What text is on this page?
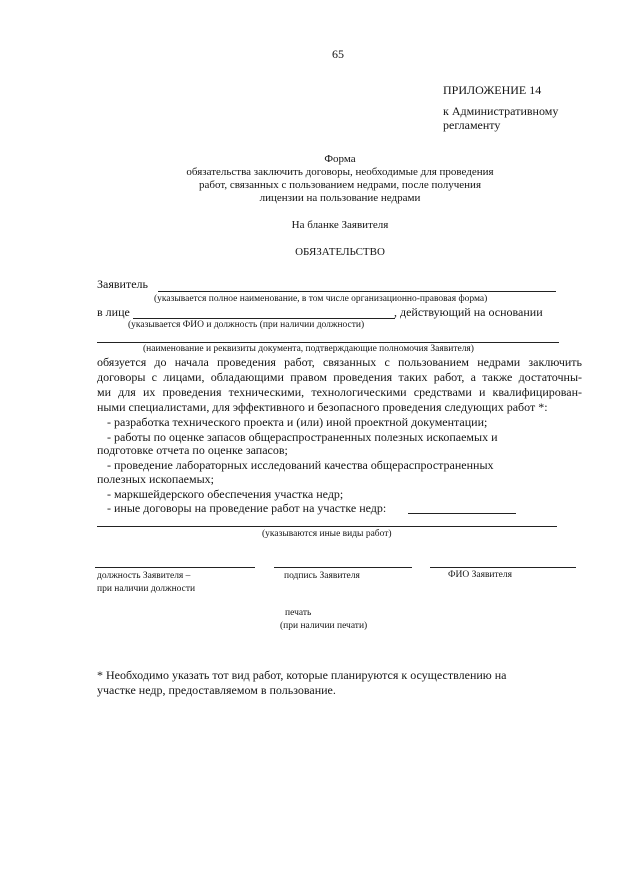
65
ПРИЛОЖЕНИЕ 14
к Административному
регламенту
Форма
обязательства заключить договоры, необходимые для проведения
работ, связанных с пользованием недрами, после получения
лицензии на пользование недрами
На бланке Заявителя
ОБЯЗАТЕЛЬСТВО
Заявитель
(указывается полное наименование, в том числе организационно-правовая форма)
в лице	, действующий на основании
(указывается ФИО и должность (при наличии должности)
(наименование и реквизиты документа, подтверждающие полномочия Заявителя)
обязуется до начала проведения работ, связанных с пользованием недрами заключить
договоры с лицами, обладающими правом проведения таких работ, а также достаточны-
ми для их проведения техническими, технологическими средствами и квалифицирован-
ными специалистами, для эффективного и безопасного проведения следующих работ *:
- разработка технического проекта и (или) иной проектной документации;
- работы по оценке запасов общераспространенных полезных ископаемых и
подготовке отчета по оценке запасов;
- проведение лабораторных исследований качества общераспространенных
полезных ископаемых;
- маркшейдерского обеспечения участка недр;
- иные договоры на проведение работ на участке недр:
(указываются иные виды работ)
должность Заявителя –
при наличии должности
подпись Заявителя	ФИО Заявителя
печать
(при наличии печати)
* Необходимо указать тот вид работ, которые планируются к осуществлению на
участке недр, предоставляемом в пользование.
